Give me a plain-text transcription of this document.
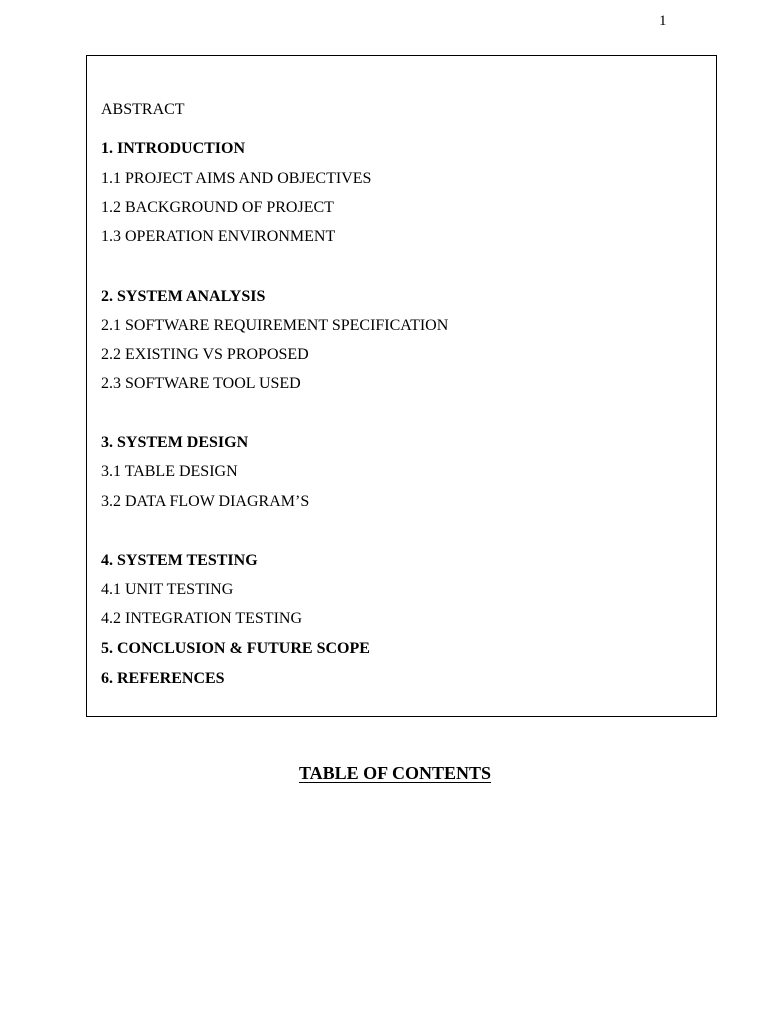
1
ABSTRACT
1. INTRODUCTION
1.1 PROJECT AIMS AND OBJECTIVES
1.2 BACKGROUND OF PROJECT
1.3 OPERATION ENVIRONMENT
2. SYSTEM ANALYSIS
2.1 SOFTWARE REQUIREMENT SPECIFICATION
2.2 EXISTING VS PROPOSED
2.3 SOFTWARE TOOL USED
3. SYSTEM DESIGN
3.1 TABLE DESIGN
3.2 DATA FLOW DIAGRAM’S
4. SYSTEM TESTING
4.1 UNIT TESTING
4.2 INTEGRATION TESTING
5. CONCLUSION & FUTURE SCOPE
6. REFERENCES
TABLE OF CONTENTS
